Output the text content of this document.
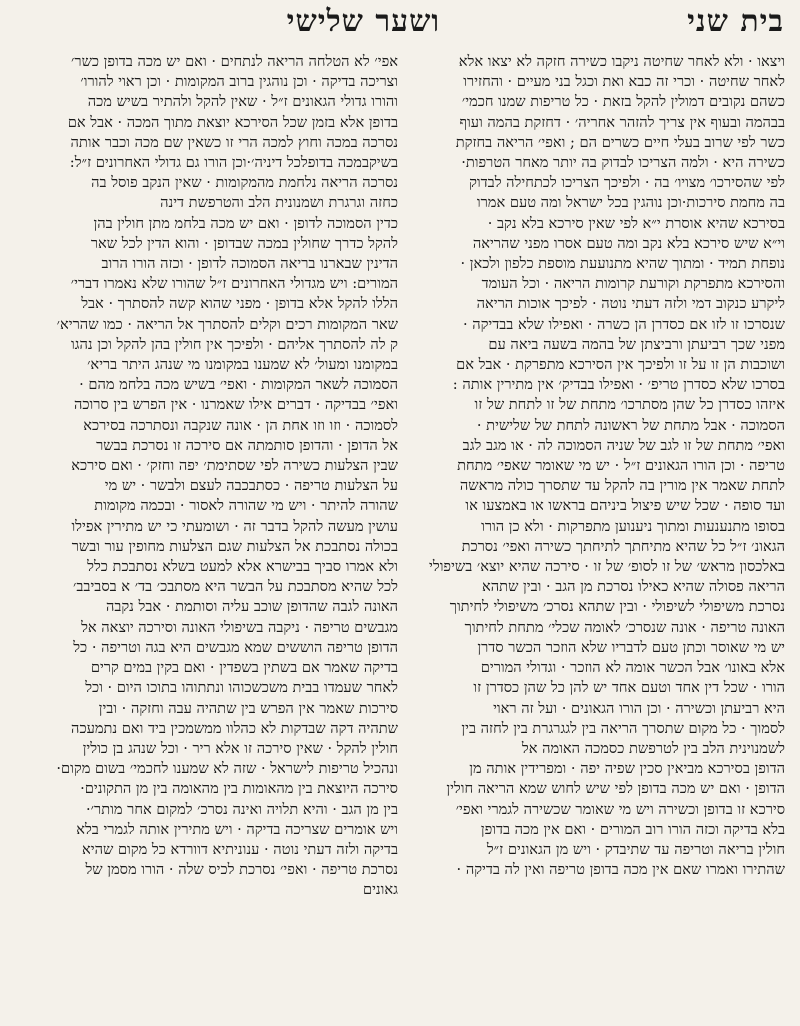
בית שני
ושער שלישי

ויצאו · ולא לאחר שחיטה ניקבו כשירה חזקה לא יצאו אלא

לאחר שחיטה · וכרי זה כבא ואת וכגל בני מעיים · והחזירו

כשהם נקובים דמולין להקל בזאת · כל טריפות שמנו חכמי׳

בבהמה ובעוף אין צריך להזהר אחריה׳ · דחזקת בהמה ועוף

כשר לפי שרוב בעלי חיים כשרים הם ; ואפי׳ הריאה בחזקת

כשירה היא · ולמה הצריכו לבדוק בה יותר מאחר הטרפות·

לפי שהסירכו׳ מצויו׳ בה · ולפיכך הצריכו לכתחילה לבדוק

בה מחמת סירכות·וכן נוהגין בכל ישראל ומה טעם אמרו

בסירכא שהיא אוסרת י״א לפי שאין סירכא בלא נקב ·

וי״א שיש סירכא בלא נקב ומה טעם אסרו מפני שהריאה

נופחת תמיד · ומתוך שהיא מתנועעת מוספת כלפון ולכאן ·

והסירכא מתפרקת וקורעת קרומות הריאה · וכל העומד

ליקרע כנקוב דמי ולזה דעתי נוטה · לפיכך אוכות הריאה

שנסרכו זו לזו אם כסדרן הן כשרה · ואפילו שלא בבדיקה ·

מפני שכך רביעתן ורביצתן של בהמה בשעה ביאה עם

ושוכבות הן זו על זו ולפיכך אין הסירכא מתפרקת · אבל אם

בסרכו שלא כסדרן טריפ׳ · ואפילו בבדיק׳ אין מתירין אותה :

איזהו כסדרן כל שהן מסתרכו׳ מתחת של זו לתחת של זו

הסמוכה · אבל מתחת של ראשונה לתחת של שלישית ·

ואפי׳ מתחת של זו לגב של שניה הסמוכה לה · או מגב לגב

טריפה · וכן הורו הגאונים ז״ל · יש מי שאומר שאפי׳ מתחת

לתחת שאמר אין מורין בה להקל עד שתסרך כולה מראשה

ועד סופה · שכל שיש פיצול ביניהם בראשו או באמצעו או

בסופו מתנענעות ומתוך ניענוען מתפרקות · ולא כן הורו

הגאונ׳ ז״ל כל שהיא מתיחתך לתיחתך כשירה ואפי׳ נסרכת

באלכסון מראש׳ של זו לסופ׳ של זו · סירכה שהיא יוצא׳ בשיפולי

הריאה פסולה שהיא כאילו נסרכת מן הגב · ובין שתהא

נסרכת משיפולי לשיפולי · ובין שתהא נסרכ׳ משיפולי לחיתוך

האונה טריפה · אונה שנסרכ׳ לאומה שכלי׳ מתחת לחיתוך

יש מי שאוסר וכתן טעם לדבריו שלא הוזכר הכשר סדרן

אלא באונו׳ אבל הכשר אומה לא הוזכר · וגדולי המורים

הורו · שכל דין אחד וטעם אחד יש להן כל שהן כסדרן זו

היא רביעתן וכשירה · וכן הורו הגאונים · ועל זה ראוי

לסמוך · כל מקום שתסרך הריאה בין לגגרגרת בין לחזה בין

לשמנוינית הלב בין לטרפשת כסמכה האומה אל

הדופן בסירכא מביאין סכין שפיה יפה · ומפרידין אותה מן

הדופן · ואם יש מכה בדופן לפי שיש לחוש שמא הריאה חולין

סירכא זו בדופן וכשירה ויש מי שאומר שכשירה לגמרי ואפי׳

בלא בדיקה וכזה הורו רוב המורים · ואם אין מכה בדופן

חולין בריאה וטריפה עד שתיבדק · ויש מן הגאונים ז״ל

שהתירו ואמרו שאם אין מכה בדופן טריפה ואין לה בדיקה ·

אפי׳ לא הטלחה הריאה לנתחים · ואם יש מכה בדופן כשר׳

וצריכה בדיקה · וכן נוהגין ברוב המקומות · וכן ראוי להורו׳

והורו גדולי הגאונים ז״ל · שאין להקל ולהתיר בשיש מכה

בדופן אלא בזמן שכל הסירכא יוצאת מתוך המכה · אבל אם

נסרכה במכה וחוץ למכה הרי זו כשאין שם מכה וכבר אותה

בשיקבמכה בדופלכל דיניה׳·וכן הורו גם גדולי האחרונים ז״ל:

נסרכה הריאה נלחמת מהמקומות · שאין הנקב פוסל בה

כחזה וגרגרת ושמנונית הלב והטרפשת דינה

כדין הסמוכה לדופן · ואם יש מכה בלחמ מתן חולין בהן

להקל כדרך שחולין במכה שבדופן · והוא הדין לכל שאר

הדינין שבארנו בריאה הסמוכה לדופן · וכזה הורו הרוב

המורים: ויש מגדולי האחרונים ז״ל שהורו שלא נאמרו דברי׳

הללו להקל אלא בדופן · מפני שהוא קשה להסתרך · אבל

שאר המקומות רכים וקלים להסתרך אל הריאה · כמו שהריא׳

ק לה להסתרך אליהם · ולפיכך אין חולין בהן להקל וכן נהגו

במקומנו ומעול׳ לא שמענו במקומנו מי שנהג היתר בריא׳

הסמוכה לשאר המקומות · ואפי׳ בשיש מכה בלחמ מהם ·

ואפי׳ בבדיקה · דברים אילו שאמרנו · אין הפרש בין סרוכה

לסמוכה · וזו וזו אחת הן · אונה שנקבה ונסתרכה בסירכא

אל הדופן · והדופן סותמתה אם סירכה זו נסרכת בבשר

שבין הצלעות כשירה לפי שסתימת׳ יפה וחזק׳ · ואם סירכא

על הצלעות טריפה · כסתבכבה לעצם ולבשר · יש מי

שהורה להיתר · ויש מי שהורה לאסור · ובכמה מקומות

עושין מעשה להקל בדבר זה · ושומעתי כי יש מתירין אפילו

בכולה נסתבכת אל הצלעות שגם הצלעות מחופין עור ובשר

ולא אמרו סביך בבישרא אלא למעט בשלא נסתבכת כלל

לכל שהיא מסתבכת על הבשר היא מסתבכ׳ בד׳ א בסביבב׳

האונה לגבה שהדופן שוכב עליה וסותמת · אבל נקבה

מגבשים טריפה · ניקבה בשיפולי האונה וסירכה יוצאה אל

הדופן טריפה הוששים שמא מגבשים היא בגה וטריפה · כל

בדיקה שאמר אם בשתין בשפדין · ואם בקין במים קרים

לאחר שעמדו בבית משכשכוהו ונתתוהו בתוכו היום · וכל

סירכות שאמר אין הפרש בין שתהיה עבה וחזקה · ובין

שתהיה דקה שבדקות לא כהלוו ממשמכין ביד ואם נתמעכה

חולין להקל · שאין סירכה זו אלא ריר · וכל שנהג בן כולין

ונהכיל טריפות לישראל · שזה לא שמענו לחכמי׳ בשום מקום·

סירכה היוצאת בין מהאומות בין מהאומה בין מן התקונים·

בין מן הגב · והיא תלויה ואינה נסרכ׳ למקום אחר מותר׳·

ויש אומרים שצריכה בדיקה · ויש מתירין אותה לגמרי בלא

בדיקה ולזה דעתי נוטה · ענוניתיא דוורדא כל מקום שהיא

נסרכת טריפה · ואפי׳ נסרכת לכיס שלה · הורו מסמן של

גאונים
